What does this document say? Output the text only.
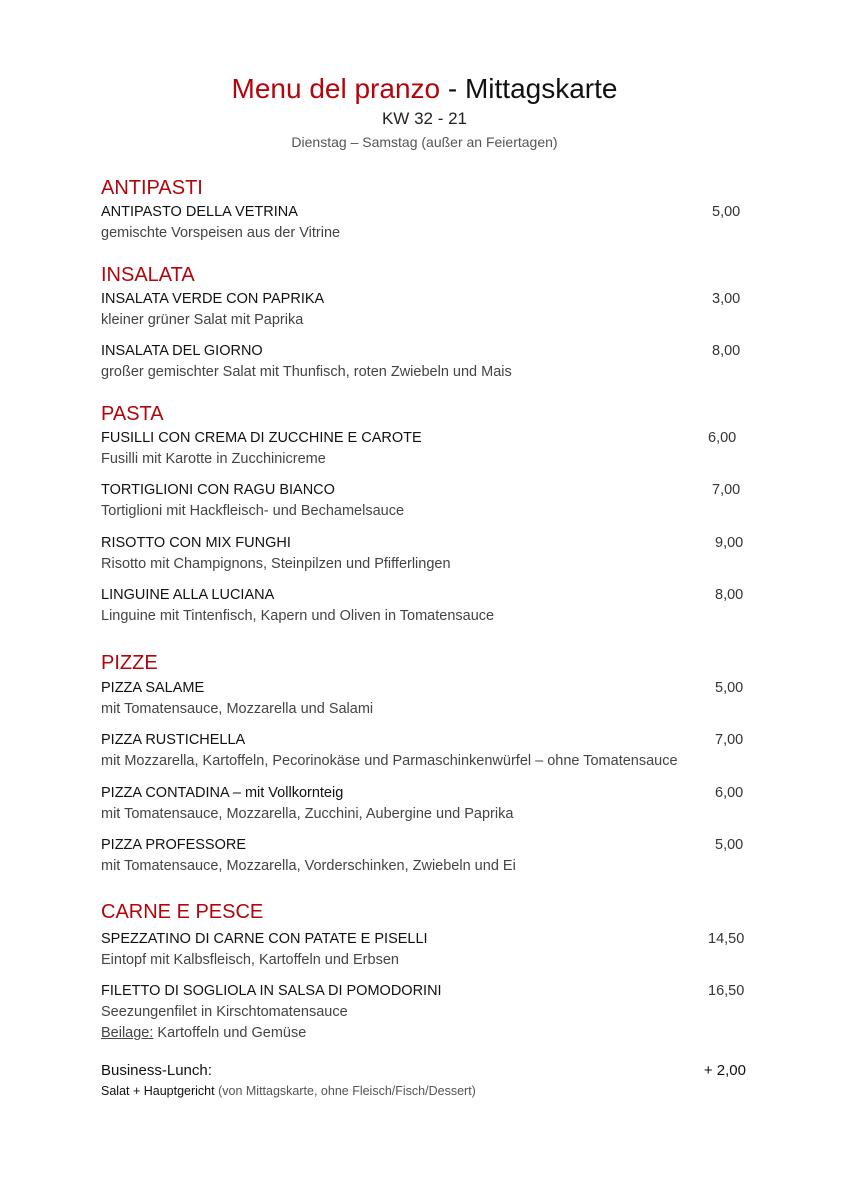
Menu del pranzo - Mittagskarte
KW 32 - 21
Dienstag – Samstag (außer an Feiertagen)
ANTIPASTI
ANTIPASTO DELLA VETRINA
gemischte Vorspeisen aus der Vitrine
5,00
INSALATA
INSALATA VERDE CON PAPRIKA
kleiner grüner Salat mit Paprika
3,00
INSALATA DEL GIORNO
großer gemischter Salat mit Thunfisch, roten Zwiebeln und Mais
8,00
PASTA
FUSILLI CON CREMA DI ZUCCHINE E CAROTE
Fusilli mit Karotte in Zucchinicreme
6,00
TORTIGLIONI CON RAGU BIANCO
Tortiglioni mit Hackfleisch- und Bechamelsauce
7,00
RISOTTO CON MIX FUNGHI
Risotto mit Champignons, Steinpilzen und Pfifferlingen
9,00
LINGUINE ALLA LUCIANA
Linguine mit Tintenfisch, Kapern und Oliven in Tomatensauce
8,00
PIZZE
PIZZA SALAME
mit Tomatensauce, Mozzarella und Salami
5,00
PIZZA RUSTICHELLA
mit Mozzarella, Kartoffeln, Pecorinokäse und Parmaschinkenwürfel – ohne Tomatensauce
7,00
PIZZA CONTADINA – mit Vollkornteig
mit Tomatensauce, Mozzarella, Zucchini, Aubergine und Paprika
6,00
PIZZA PROFESSORE
mit Tomatensauce, Mozzarella, Vorderschinken, Zwiebeln und Ei
5,00
CARNE E PESCE
SPEZZATINO DI CARNE CON PATATE E PISELLI
Eintopf mit Kalbsfleisch, Kartoffeln und Erbsen
14,50
FILETTO DI SOGLIOLA IN SALSA DI POMODORINI
Seezungenfilet in Kirschtomatensauce
Beilage: Kartoffeln und Gemüse
16,50
Business-Lunch:	+ 2,00
Salat + Hauptgericht (von Mittagskarte, ohne Fleisch/Fisch/Dessert)
